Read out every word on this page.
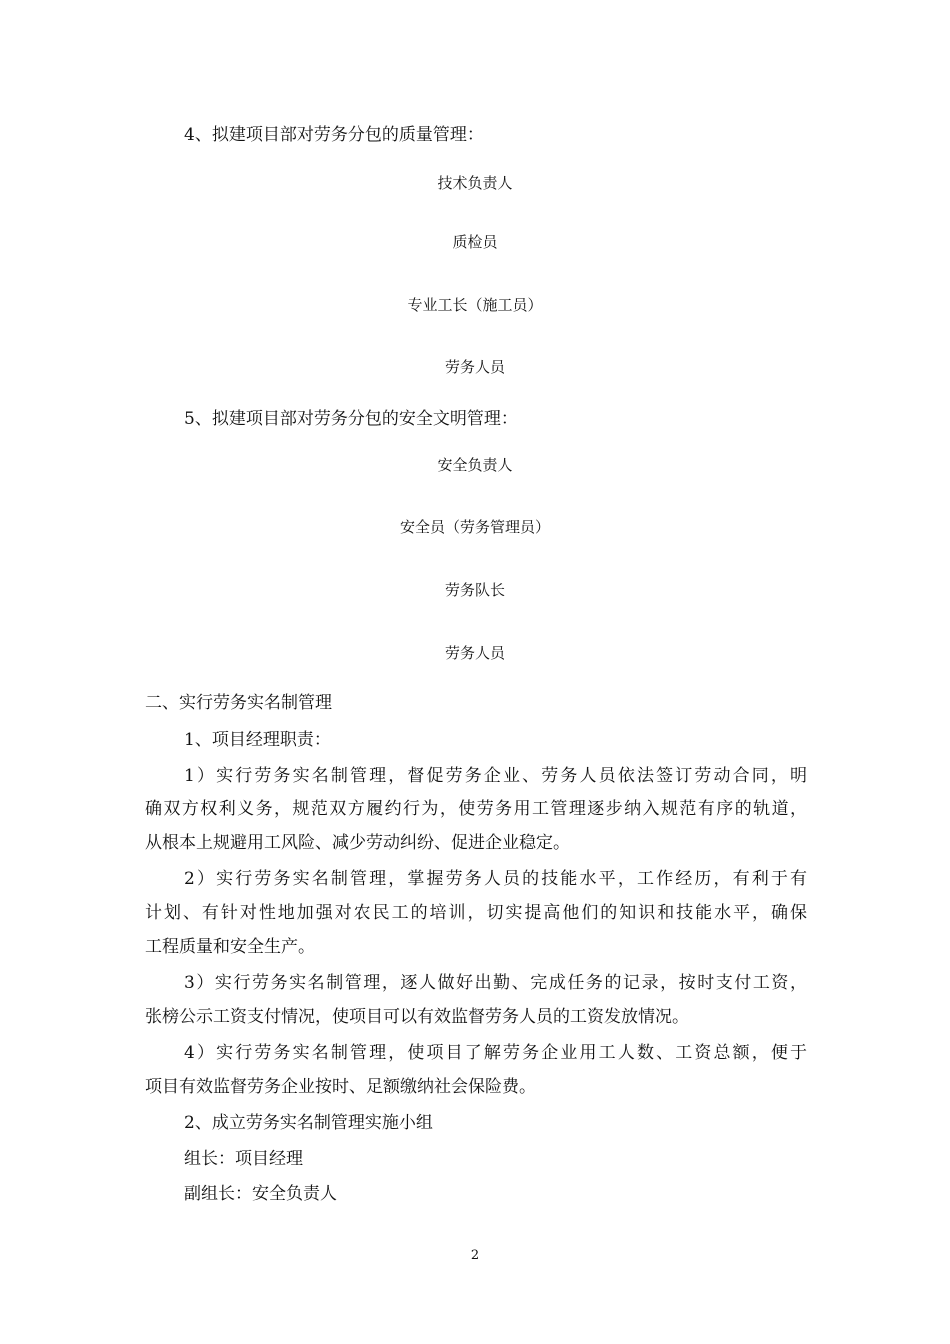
4、拟建项目部对劳务分包的质量管理：
技术负责人
质检员
专业工长（施工员）
劳务人员
5、拟建项目部对劳务分包的安全文明管理：
安全负责人
安全员（劳务管理员）
劳务队长
劳务人员
二、实行劳务实名制管理
1、项目经理职责：
1）实行劳务实名制管理，督促劳务企业、劳务人员依法签订劳动合同，明
确双方权利义务，规范双方履约行为，使劳务用工管理逐步纳入规范有序的轨道，
从根本上规避用工风险、减少劳动纠纷、促进企业稳定。
2）实行劳务实名制管理，掌握劳务人员的技能水平，工作经历，有利于有
计划、有针对性地加强对农民工的培训，切实提高他们的知识和技能水平，确保
工程质量和安全生产。
3）实行劳务实名制管理，逐人做好出勤、完成任务的记录，按时支付工资，
张榜公示工资支付情况，使项目可以有效监督劳务人员的工资发放情况。
4）实行劳务实名制管理，使项目了解劳务企业用工人数、工资总额，便于
项目有效监督劳务企业按时、足额缴纳社会保险费。
2、成立劳务实名制管理实施小组
组长：项目经理
副组长：安全负责人
2
